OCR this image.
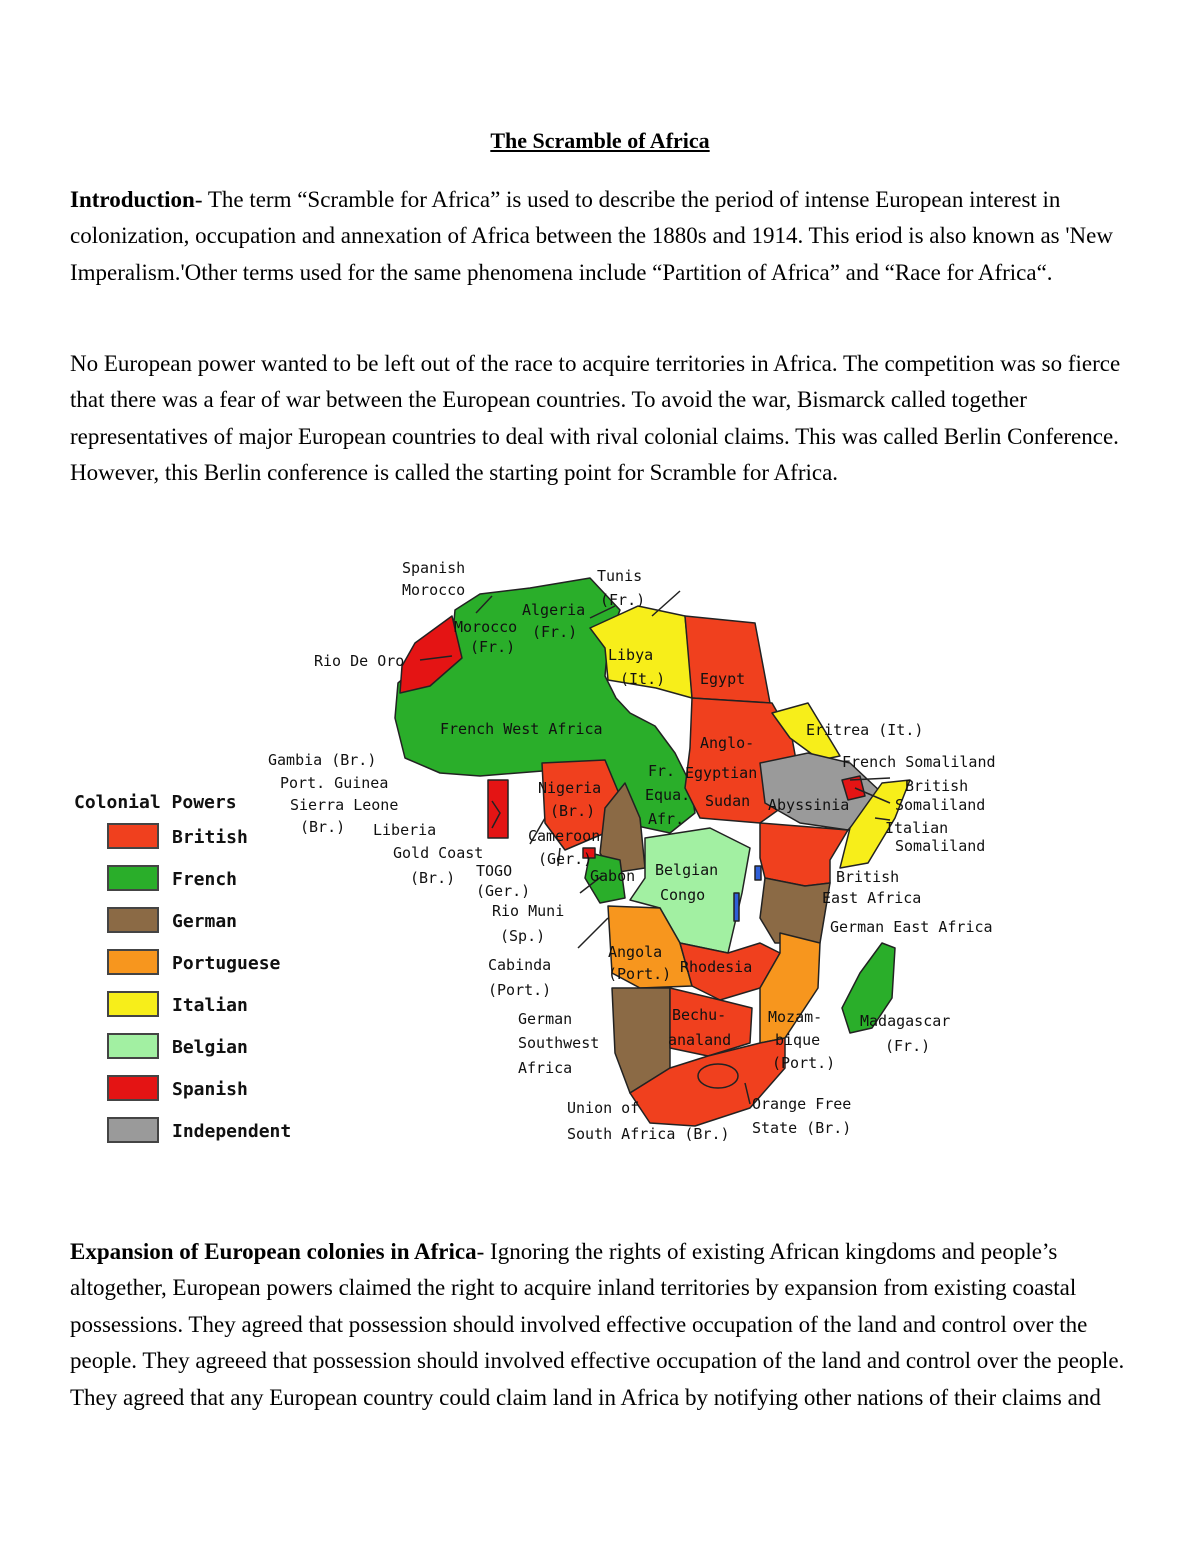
The Scramble of Africa

Introduction- The term “Scramble for Africa” is used to describe the period of intense European interest in colonization, occupation and annexation of Africa between the 1880s and 1914. This eriod is also known as 'New Imperalism.'Other terms used for the same phenomena include “Partition of Africa” and “Race for Africa“.

No European power wanted to be left out of the race to acquire territories in Africa. The competition was so fierce that there was a fear of war between the European countries. To avoid the war, Bismarck called together representatives of major European countries to deal with rival colonial claims. This was called Berlin Conference. However, this Berlin conference is called the starting point for Scramble for Africa.

Colonial Powers
British
French
German
Portuguese
Italian
Belgian
Spanish
Independent
Spanish
Morocco
Tunis
(Fr.)
Algeria
(Fr.)
Morocco
(Fr.)
Rio De Oro	Libya
(It.) Egypt
French West Africa	Eritrea (It.)
Anglo-
Egyptian
Sudan
French Somaliland
British
Somaliland
Italian
Somaliland
Gambia (Br.)
Port. Guinea
Sierra Leone
(Br.) Liberia
Gold Coast
(Br.)
Nigeria
(Br.)
Fr.
Equa.
Afr.
Abyssinia
Cameroon
(Ger.)
TOGO
(Ger.)
Gabon Belgian
Congo
Rio Muni
(Sp.)
British
East Africa
German East Africa
Cabinda
(Port.)
Angola
(Port.) Rhodesia
German
Southwest
Africa
Bechu-
analand
Mozam-
bique
(Port.)
Madagascar
(Fr.)
Union of
South Africa (Br.)
Orange Free
State (Br.)

Expansion of European colonies in Africa- Ignoring the rights of existing African kingdoms and people’s altogether, European powers claimed the right to acquire inland territories by expansion from existing coastal possessions. They agreed that possession should involved effective occupation of the land and control over the people. They agreeed that possession should involved effective occupation of the land and control over the people. They agreed that any European country could claim land in Africa by notifying other nations of their claims and
